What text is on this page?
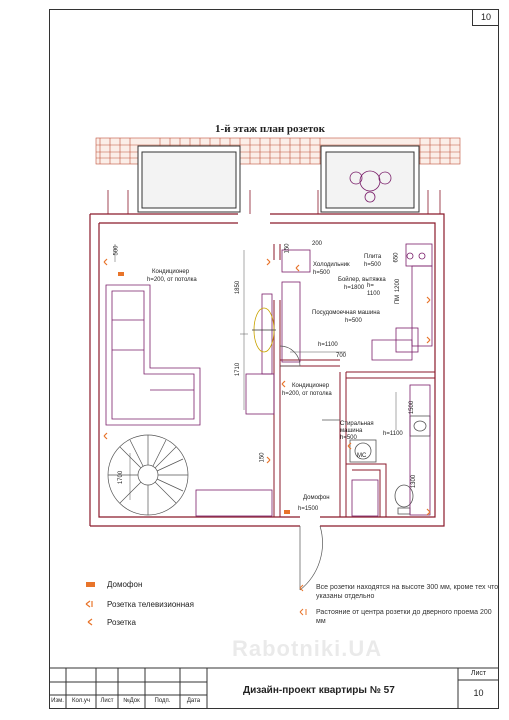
10
1-й этаж план розеток
Кондиционер
h=200, от потолка
Кондиционер
h=200, от потолка
Холодильник
h=500
Плита
h=500
Бойлер, вытяжка
h=1800 h=
1100
Посудомоечная машина
h=500
h=1100
Стиральная
машина
h=500
h=1100
Домофон
h=1500
ПМ
МС
500	150	200
1850
1710
700
1500
650
1200
150
1300
1700
Домофон
Розетка телевизионная
Розетка
Все розетки находятся на высоте 300 мм, кроме тех что указаны отдельно
Растояние от центра розетки до дверного проема 200 мм
Rabotniki.UA
Изм.	Кол.уч	Лист	№Док	Подп.	Дата
Дизайн-проект квартиры № 57
Лист
10
